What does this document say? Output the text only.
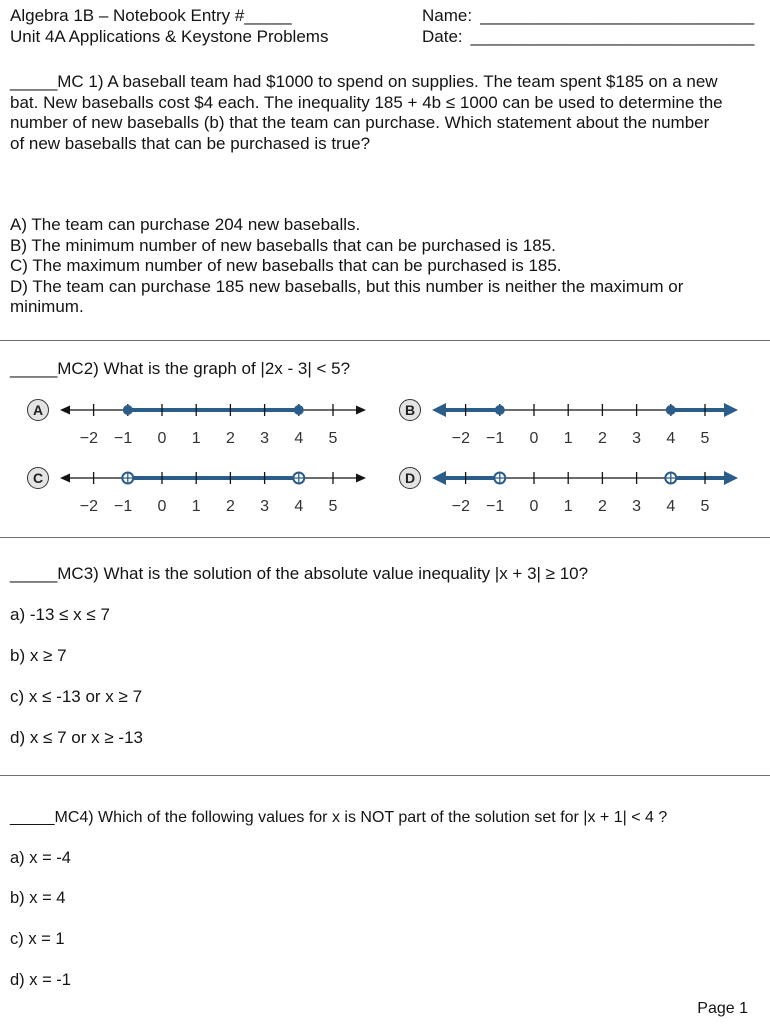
Algebra 1B – Notebook Entry #_____
Unit 4A Applications & Keystone Problems
Name: _____________________________
Date: ______________________________
_____MC 1) A baseball team had $1000 to spend on supplies. The team spent $185 on a new
bat. New baseballs cost $4 each. The inequality 185 + 4b ≤ 1000 can be used to determine the
number of new baseballs (b) that the team can purchase. Which statement about the number
of new baseballs that can be purchased is true?
A) The team can purchase 204 new baseballs.
B) The minimum number of new baseballs that can be purchased is 185.
C) The maximum number of new baseballs that can be purchased is 185.
D) The team can purchase 185 new baseballs, but this number is neither the maximum or
minimum.
_____MC2) What is the graph of |2x - 3| < 5?
A
−2 −1 0 1 2 3 4 5
B
−2 −1 0 1 2 3 4 5
C
−2 −1 0 1 2 3 4 5
D
−2 −1 0 1 2 3 4 5
_____MC3) What is the solution of the absolute value inequality |x + 3| ≥ 10?
a) -13 ≤ x ≤ 7
b) x ≥ 7
c) x ≤ -13 or x ≥ 7
d) x ≤ 7 or x ≥ -13
_____MC4) Which of the following values for x is NOT part of the solution set for |x + 1| < 4 ?
a) x = -4
b) x = 4
c) x = 1
d) x = -1
Page 1
